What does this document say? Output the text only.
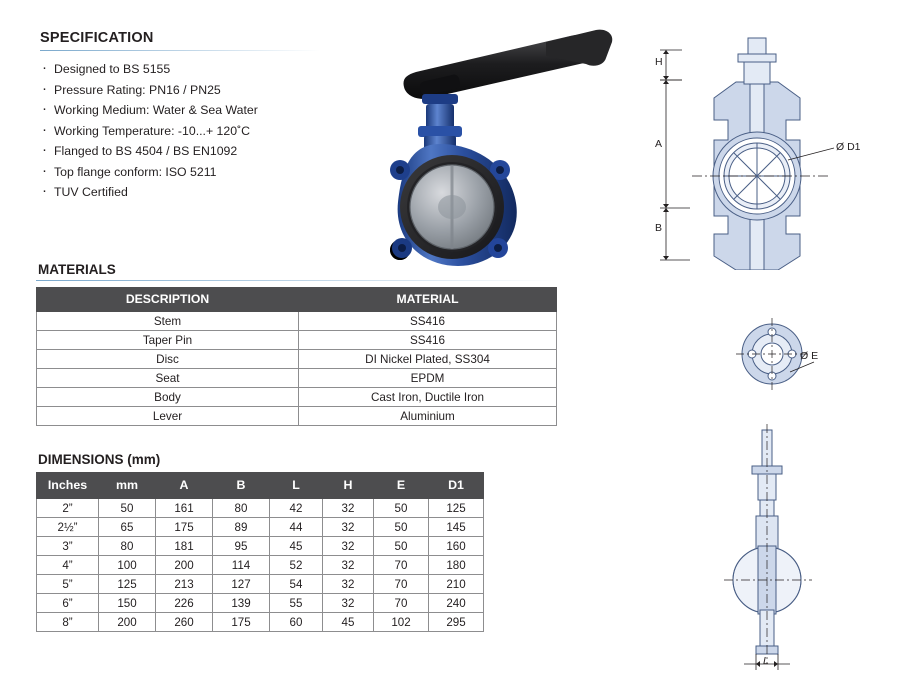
SPECIFICATION
· Designed to BS 5155
· Pressure Rating: PN16 / PN25
· Working Medium: Water & Sea Water
· Working Temperature: -10...+ 120˚C
· Flanged to BS 4504 / BS EN1092
· Top flange conform: ISO 5211
· TUV Certified
MATERIALS
DESCRIPTION	MATERIAL
Stem	SS416
Taper Pin	SS416
Disc	DI Nickel Plated, SS304
Seat	EPDM
Body	Cast Iron, Ductile Iron
Lever	Aluminium
DIMENSIONS (mm)
Inches	mm	A	B	L	H	E	D1
2”	50	161	80	42	32	50	125
2½”	65	175	89	44	32	50	145
3”	80	181	95	45	32	50	160
4”	100	200	114	52	32	70	180
5”	125	213	127	54	32	70	210
6”	150	226	139	55	32	70	240
8”	200	260	175	60	45	102	295
H
A
B
Ø D1
Ø E
L
